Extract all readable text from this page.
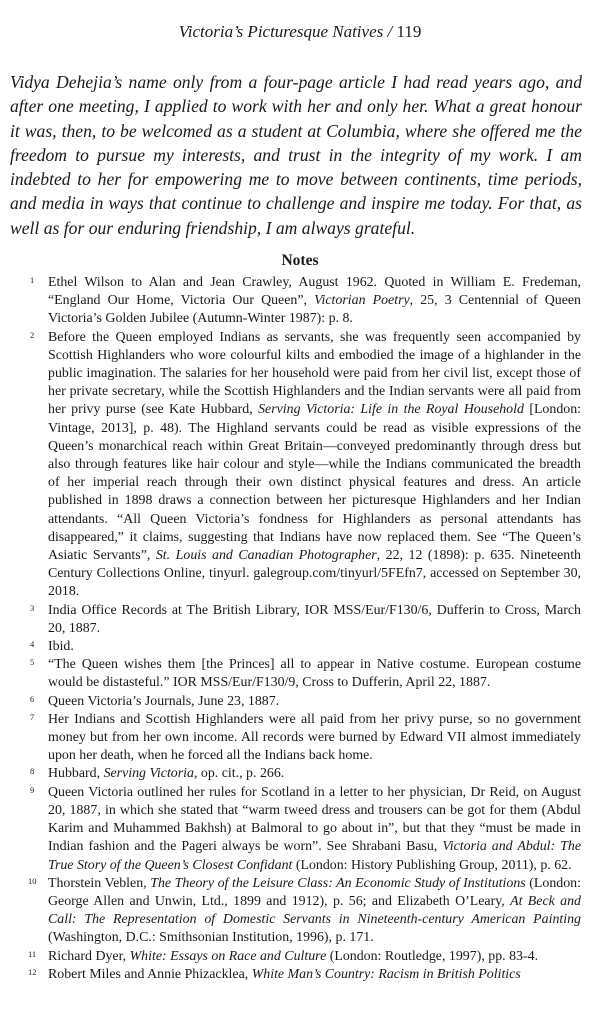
Victoria’s Picturesque Natives / 119

Vidya Dehejia’s name only from a four-page article I had read years ago, and after one meeting, I applied to work with her and only her. What a great honour it was, then, to be welcomed as a student at Columbia, where she offered me the freedom to pursue my interests, and trust in the integrity of my work. I am indebted to her for empowering me to move between continents, time periods, and media in ways that continue to challenge and inspire me today. For that, as well as for our enduring friendship, I am always grateful.

Notes
1 Ethel Wilson to Alan and Jean Crawley, August 1962. Quoted in William E. Fredeman, “England Our Home, Victoria Our Queen”, Victorian Poetry, 25, 3 Centennial of Queen Victoria’s Golden Jubilee (Autumn-Winter 1987): p. 8.
2 Before the Queen employed Indians as servants, she was frequently seen accompanied by Scottish Highlanders who wore colourful kilts and embodied the image of a highlander in the public imagination. The salaries for her household were paid from her civil list, except those of her private secretary, while the Scottish Highlanders and the Indian servants were all paid from her privy purse (see Kate Hubbard, Serving Victoria: Life in the Royal Household [London: Vintage, 2013], p. 48). The Highland servants could be read as visible expressions of the Queen’s monarchical reach within Great Britain—conveyed predominantly through dress but also through features like hair colour and style—while the Indians communicated the breadth of her imperial reach through their own distinct physical features and dress. An article published in 1898 draws a connection between her picturesque Highlanders and her Indian attendants. “All Queen Victoria’s fondness for Highlanders as personal attendants has disappeared,” it claims, suggesting that Indians have now replaced them. See “The Queen’s Asiatic Servants”, St. Louis and Canadian Photographer, 22, 12 (1898): p. 635. Nineteenth Century Collections Online, tinyurl. galegroup.com/tinyurl/5FEfn7, accessed on September 30, 2018.
3 India Office Records at The British Library, IOR MSS/Eur/F130/6, Dufferin to Cross, March 20, 1887.
4 Ibid.
5 “The Queen wishes them [the Princes] all to appear in Native costume. European costume would be distasteful.” IOR MSS/Eur/F130/9, Cross to Dufferin, April 22, 1887.
6 Queen Victoria’s Journals, June 23, 1887.
7 Her Indians and Scottish Highlanders were all paid from her privy purse, so no government money but from her own income. All records were burned by Edward VII almost immediately upon her death, when he forced all the Indians back home.
8 Hubbard, Serving Victoria, op. cit., p. 266.
9 Queen Victoria outlined her rules for Scotland in a letter to her physician, Dr Reid, on August 20, 1887, in which she stated that “warm tweed dress and trousers can be got for them (Abdul Karim and Muhammed Bakhsh) at Balmoral to go about in”, but that they “must be made in Indian fashion and the Pageri always be worn”. See Shrabani Basu, Victoria and Abdul: The True Story of the Queen’s Closest Confidant (London: History Publishing Group, 2011), p. 62.
10 Thorstein Veblen, The Theory of the Leisure Class: An Economic Study of Institutions (London: George Allen and Unwin, Ltd., 1899 and 1912), p. 56; and Elizabeth O’Leary, At Beck and Call: The Representation of Domestic Servants in Nineteenth-century American Painting (Washington, D.C.: Smithsonian Institution, 1996), p. 171.
11 Richard Dyer, White: Essays on Race and Culture (London: Routledge, 1997), pp. 83-4.
12 Robert Miles and Annie Phizacklea, White Man’s Country: Racism in British Politics
